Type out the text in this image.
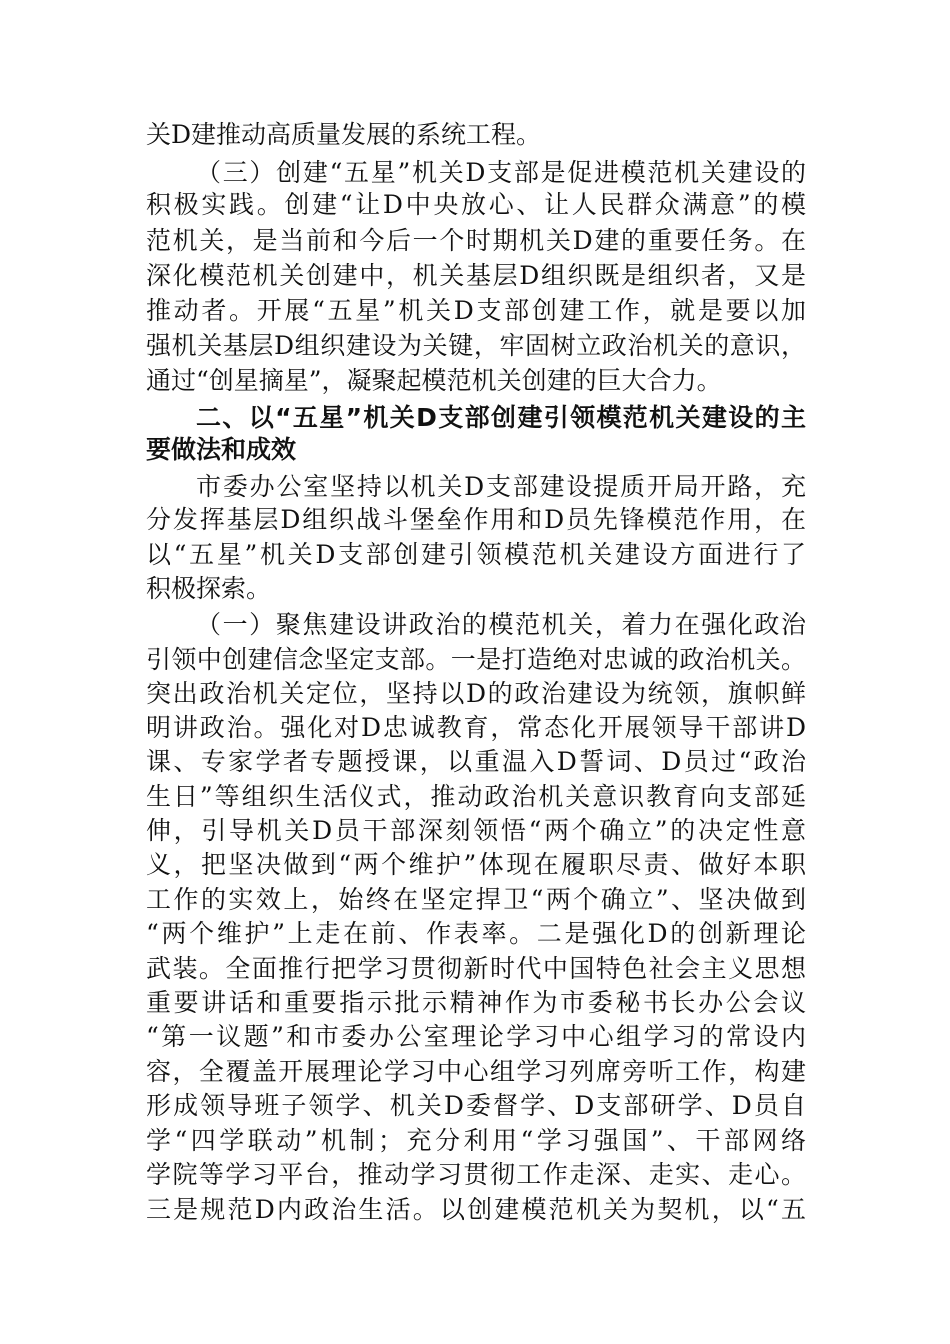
关D建推动高质量发展的系统工程。
（三）创建“五星”机关D支部是促进模范机关建设的
积极实践。创建“让D中央放心、让人民群众满意”的模
范机关，是当前和今后一个时期机关D建的重要任务。在
深化模范机关创建中，机关基层D组织既是组织者，又是
推动者。开展“五星”机关D支部创建工作，就是要以加
强机关基层D组织建设为关键，牢固树立政治机关的意识，
通过“创星摘星”，凝聚起模范机关创建的巨大合力。
二、以“五星”机关D支部创建引领模范机关建设的主
要做法和成效
市委办公室坚持以机关D支部建设提质开局开路，充
分发挥基层D组织战斗堡垒作用和D员先锋模范作用，在
以“五星”机关D支部创建引领模范机关建设方面进行了
积极探索。
（一）聚焦建设讲政治的模范机关，着力在强化政治
引领中创建信念坚定支部。一是打造绝对忠诚的政治机关。
突出政治机关定位，坚持以D的政治建设为统领，旗帜鲜
明讲政治。强化对D忠诚教育，常态化开展领导干部讲D
课、专家学者专题授课，以重温入D誓词、D员过“政治
生日”等组织生活仪式，推动政治机关意识教育向支部延
伸，引导机关D员干部深刻领悟“两个确立”的决定性意
义，把坚决做到“两个维护”体现在履职尽责、做好本职
工作的实效上，始终在坚定捍卫“两个确立”、坚决做到
“两个维护”上走在前、作表率。二是强化D的创新理论
武装。全面推行把学习贯彻新时代中国特色社会主义思想
重要讲话和重要指示批示精神作为市委秘书长办公会议
“第一议题”和市委办公室理论学习中心组学习的常设内
容，全覆盖开展理论学习中心组学习列席旁听工作，构建
形成领导班子领学、机关D委督学、D支部研学、D员自
学“四学联动”机制；充分利用“学习强国”、干部网络
学院等学习平台，推动学习贯彻工作走深、走实、走心。
三是规范D内政治生活。以创建模范机关为契机，以“五
